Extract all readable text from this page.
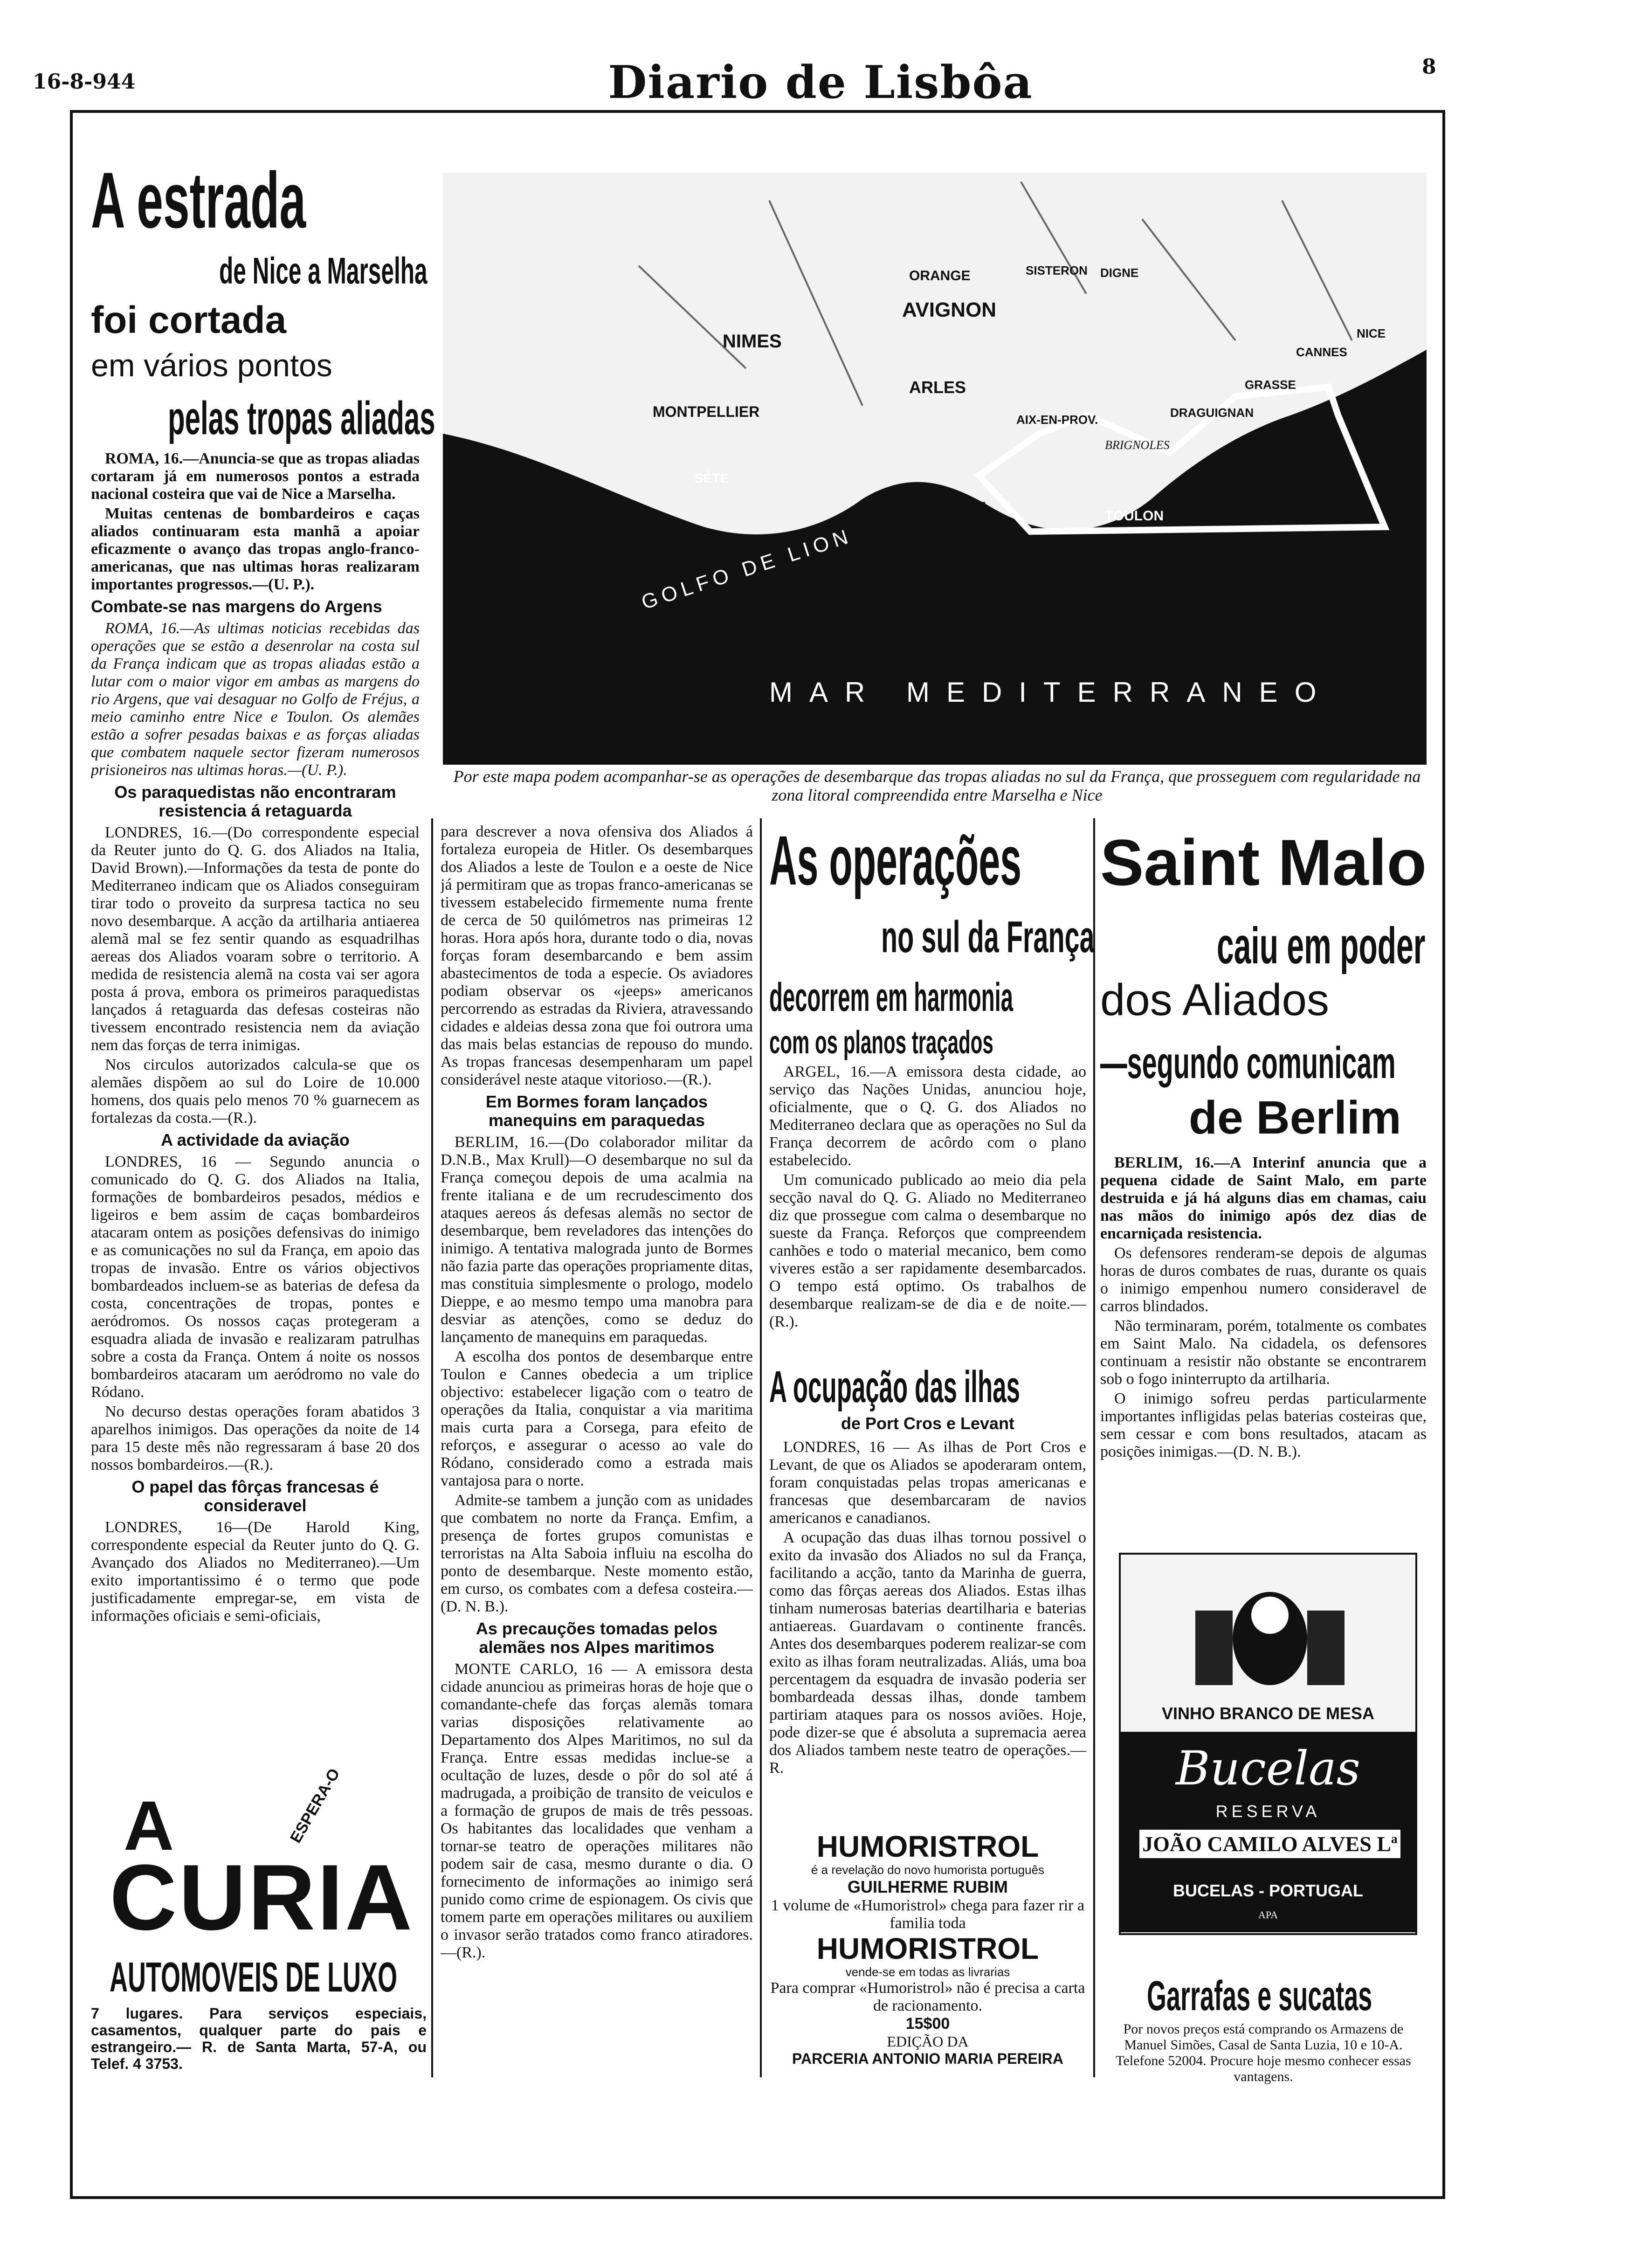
16-8-944	Diario de Lisbôa	8
A estrada
de Nice a Marselha
foi cortada
em vários pontos
pelas tropas aliadas

ROMA, 16.—Anuncia-se que as tropas aliadas cortaram já em numerosos pontos a estrada nacional costeira que vai de Nice a Marselha.

Muitas centenas de bombardeiros e caças aliados continuaram esta manhã a apoiar eficazmente o avanço das tropas anglo-franco-americanas, que nas ultimas horas realizaram importantes progressos.—(U. P.).

Combate-se nas margens do Argens

ROMA, 16.—As ultimas noticias recebidas das operações que se estão a desenrolar na costa sul da França indicam que as tropas aliadas estão a lutar com o maior vigor em ambas as margens do rio Argens, que vai desaguar no Golfo de Fréjus, a meio caminho entre Nice e Toulon. Os alemães estão a sofrer pesadas baixas e as forças aliadas que combatem naquele sector fizeram numerosos prisioneiros nas ultimas horas.—(U. P.).

Os paraquedistas não encontraram resistencia á retaguarda

LONDRES, 16.—(Do correspondente especial da Reuter junto do Q. G. dos Aliados na Italia, David Brown).—Informações da testa de ponte do Mediterraneo indicam que os Aliados conseguiram tirar todo o proveito da surpresa tactica no seu novo desembarque. A acção da artilharia antiaerea alemã mal se fez sentir quando as esquadrilhas aereas dos Aliados voaram sobre o territorio. A medida de resistencia alemã na costa vai ser agora posta á prova, embora os primeiros paraquedistas lançados á retaguarda das defesas costeiras não tivessem encontrado resistencia nem da aviação nem das forças de terra inimigas.

Nos circulos autorizados calcula-se que os alemães dispõem ao sul do Loire de 10.000 homens, dos quais pelo menos 70 % guarnecem as fortalezas da costa.—(R.).

A actividade da aviação

LONDRES, 16 — Segundo anuncia o comunicado do Q. G. dos Aliados na Italia, formações de bombardeiros pesados, médios e ligeiros e bem assim de caças bombardeiros atacaram ontem as posições defensivas do inimigo e as comunicações no sul da França, em apoio das tropas de invasão. Entre os vários objectivos bombardeados incluem-se as baterias de defesa da costa, concentrações de tropas, pontes e aeródromos. Os nossos caças protegeram a esquadra aliada de invasão e realizaram patrulhas sobre a costa da França. Ontem á noite os nossos bombardeiros atacaram um aeródromo no vale do Ródano.

No decurso destas operações foram abatidos 3 aparelhos inimigos. Das operações da noite de 14 para 15 deste mês não regressaram á base 20 dos nossos bombardeiros.—(R.).

O papel das fôrças francesas é consideravel

LONDRES, 16—(De Harold King, correspondente especial da Reuter junto do Q. G. Avançado dos Aliados no Mediterraneo).—Um exito importantissimo é o termo que pode justificadamente empregar-se, em vista de informações oficiais e semi-oficiais,

MAR MEDITERRANEO
GOLFO DE LION
AVIGNON
NIMES
ARLES
MONTPELLIER
MARSELHA
TOULON
NARBONNE
SÈTE
PERPIGNAN
DRAGUIGNAN
GRASSE
BRIGNOLES
DIGNE
SISTERON
ORANGE
AIX-EN-PROV.
CANNES
NICE
Por este mapa podem acompanhar-se as operações de desembarque das tropas aliadas no sul da França, que prosseguem com regularidade na zona litoral compreendida entre Marselha e Nice

para descrever a nova ofensiva dos Aliados á fortaleza europeia de Hitler. Os desembarques dos Aliados a leste de Toulon e a oeste de Nice já permitiram que as tropas franco-americanas se tivessem estabelecido firmemente numa frente de cerca de 50 quilómetros nas primeiras 12 horas. Hora após hora, durante todo o dia, novas forças foram desembarcando e bem assim abastecimentos de toda a especie. Os aviadores podiam observar os «jeeps» americanos percorrendo as estradas da Riviera, atravessando cidades e aldeias dessa zona que foi outrora uma das mais belas estancias de repouso do mundo. As tropas francesas desempenharam um papel considerável neste ataque vitorioso.—(R.).

Em Bormes foram lançados manequins em paraquedas

BERLIM, 16.—(Do colaborador militar da D.N.B., Max Krull)—O desembarque no sul da França começou depois de uma acalmia na frente italiana e de um recrudescimento dos ataques aereos ás defesas alemãs no sector de desembarque, bem reveladores das intenções do inimigo. A tentativa malograda junto de Bormes não fazia parte das operações propriamente ditas, mas constituia simplesmente o prologo, modelo Dieppe, e ao mesmo tempo uma manobra para desviar as atenções, como se deduz do lançamento de manequins em paraquedas.

A escolha dos pontos de desembarque entre Toulon e Cannes obedecia a um triplice objectivo: estabelecer ligação com o teatro de operações da Italia, conquistar a via maritima mais curta para a Corsega, para efeito de reforços, e assegurar o acesso ao vale do Ródano, considerado como a estrada mais vantajosa para o norte.

Admite-se tambem a junção com as unidades que combatem no norte da França. Emfim, a presença de fortes grupos comunistas e terroristas na Alta Saboia influiu na escolha do ponto de desembarque. Neste momento estão, em curso, os combates com a defesa costeira.—(D. N. B.).

As precauções tomadas pelos alemães nos Alpes maritimos

MONTE CARLO, 16 — A emissora desta cidade anunciou as primeiras horas de hoje que o comandante-chefe das forças alemãs tomara varias disposições relativamente ao Departamento dos Alpes Maritimos, no sul da França. Entre essas medidas inclue-se a ocultação de luzes, desde o pôr do sol até á madrugada, a proibição de transito de veiculos e a formação de grupos de mais de três pessoas. Os habitantes das localidades que venham a tornar-se teatro de operações militares não podem sair de casa, mesmo durante o dia. O fornecimento de informações ao inimigo será punido como crime de espionagem. Os civis que tomem parte em operações militares ou auxiliem o invasor serão tratados como franco atiradores.—(R.).

As operações
no sul da França
decorrem em harmonia
com os planos traçados

ARGEL, 16.—A emissora desta cidade, ao serviço das Nações Unidas, anunciou hoje, oficialmente, que o Q. G. dos Aliados no Mediterraneo declara que as operações no Sul da França decorrem de acôrdo com o plano estabelecido.

Um comunicado publicado ao meio dia pela secção naval do Q. G. Aliado no Mediterraneo diz que prossegue com calma o desembarque no sueste da França. Reforços que compreendem canhões e todo o material mecanico, bem como viveres estão a ser rapidamente desembarcados. O tempo está optimo. Os trabalhos de desembarque realizam-se de dia e de noite.—(R.).

A ocupação das ilhas
de Port Cros e Levant

LONDRES, 16 — As ilhas de Port Cros e Levant, de que os Aliados se apoderaram ontem, foram conquistadas pelas tropas americanas e francesas que desembarcaram de navios americanos e canadianos.

A ocupação das duas ilhas tornou possivel o exito da invasão dos Aliados no sul da França, facilitando a acção, tanto da Marinha de guerra, como das fôrças aereas dos Aliados. Estas ilhas tinham numerosas baterias deartilharia e baterias antiaereas. Guardavam o continente francês. Antes dos desembarques poderem realizar-se com exito as ilhas foram neutralizadas. Aliás, uma boa percentagem da esquadra de invasão poderia ser bombardeada dessas ilhas, donde tambem partiriam ataques para os nossos aviões. Hoje, pode dizer-se que é absoluta a supremacia aerea dos Aliados tambem neste teatro de operações.—R.

HUMORISTROL
é a revelação do novo humorista português
GUILHERME RUBIM
1 volume de «Humoristrol» chega para fazer rir a familia toda
HUMORISTROL
vende-se em todas as livrarias
Para comprar «Humoristrol» não é precisa a carta de racionamento.
15$00
EDIÇÃO DA
PARCERIA ANTONIO MARIA PEREIRA
Saint Malo
caiu em poder
dos Aliados
—segundo comunicam
de Berlim

BERLIM, 16.—A Interinf anuncia que a pequena cidade de Saint Malo, em parte destruida e já há alguns dias em chamas, caiu nas mãos do inimigo após dez dias de encarniçada resistencia.

Os defensores renderam-se depois de algumas horas de duros combates de ruas, durante os quais o inimigo empenhou numero consideravel de carros blindados.

Não terminaram, porém, totalmente os combates em Saint Malo. Na cidadela, os defensores continuam a resistir não obstante se encontrarem sob o fogo ininterrupto da artilharia.

O inimigo sofreu perdas particularmente importantes infligidas pelas baterias costeiras que, sem cessar e com bons resultados, atacam as posições inimigas.—(D. N. B.).

VINHO BRANCO DE MESA
Bucelas
RESERVA
JOÃO CAMILO ALVES Lª
BUCELAS - PORTUGAL
APA
Garrafas e sucatas
Por novos preços está comprando os Armazens de Manuel Simões, Casal de Santa Luzia, 10 e 10-A. Telefone 52004. Procure hoje mesmo conhecer essas vantagens.
A
CURIA
ESPERA-O
AUTOMOVEIS DE LUXO
7 lugares. Para serviços especiais, casamentos, qualquer parte do pais e estrangeiro.— R. de Santa Marta, 57-A, ou Telef. 4 3753.
